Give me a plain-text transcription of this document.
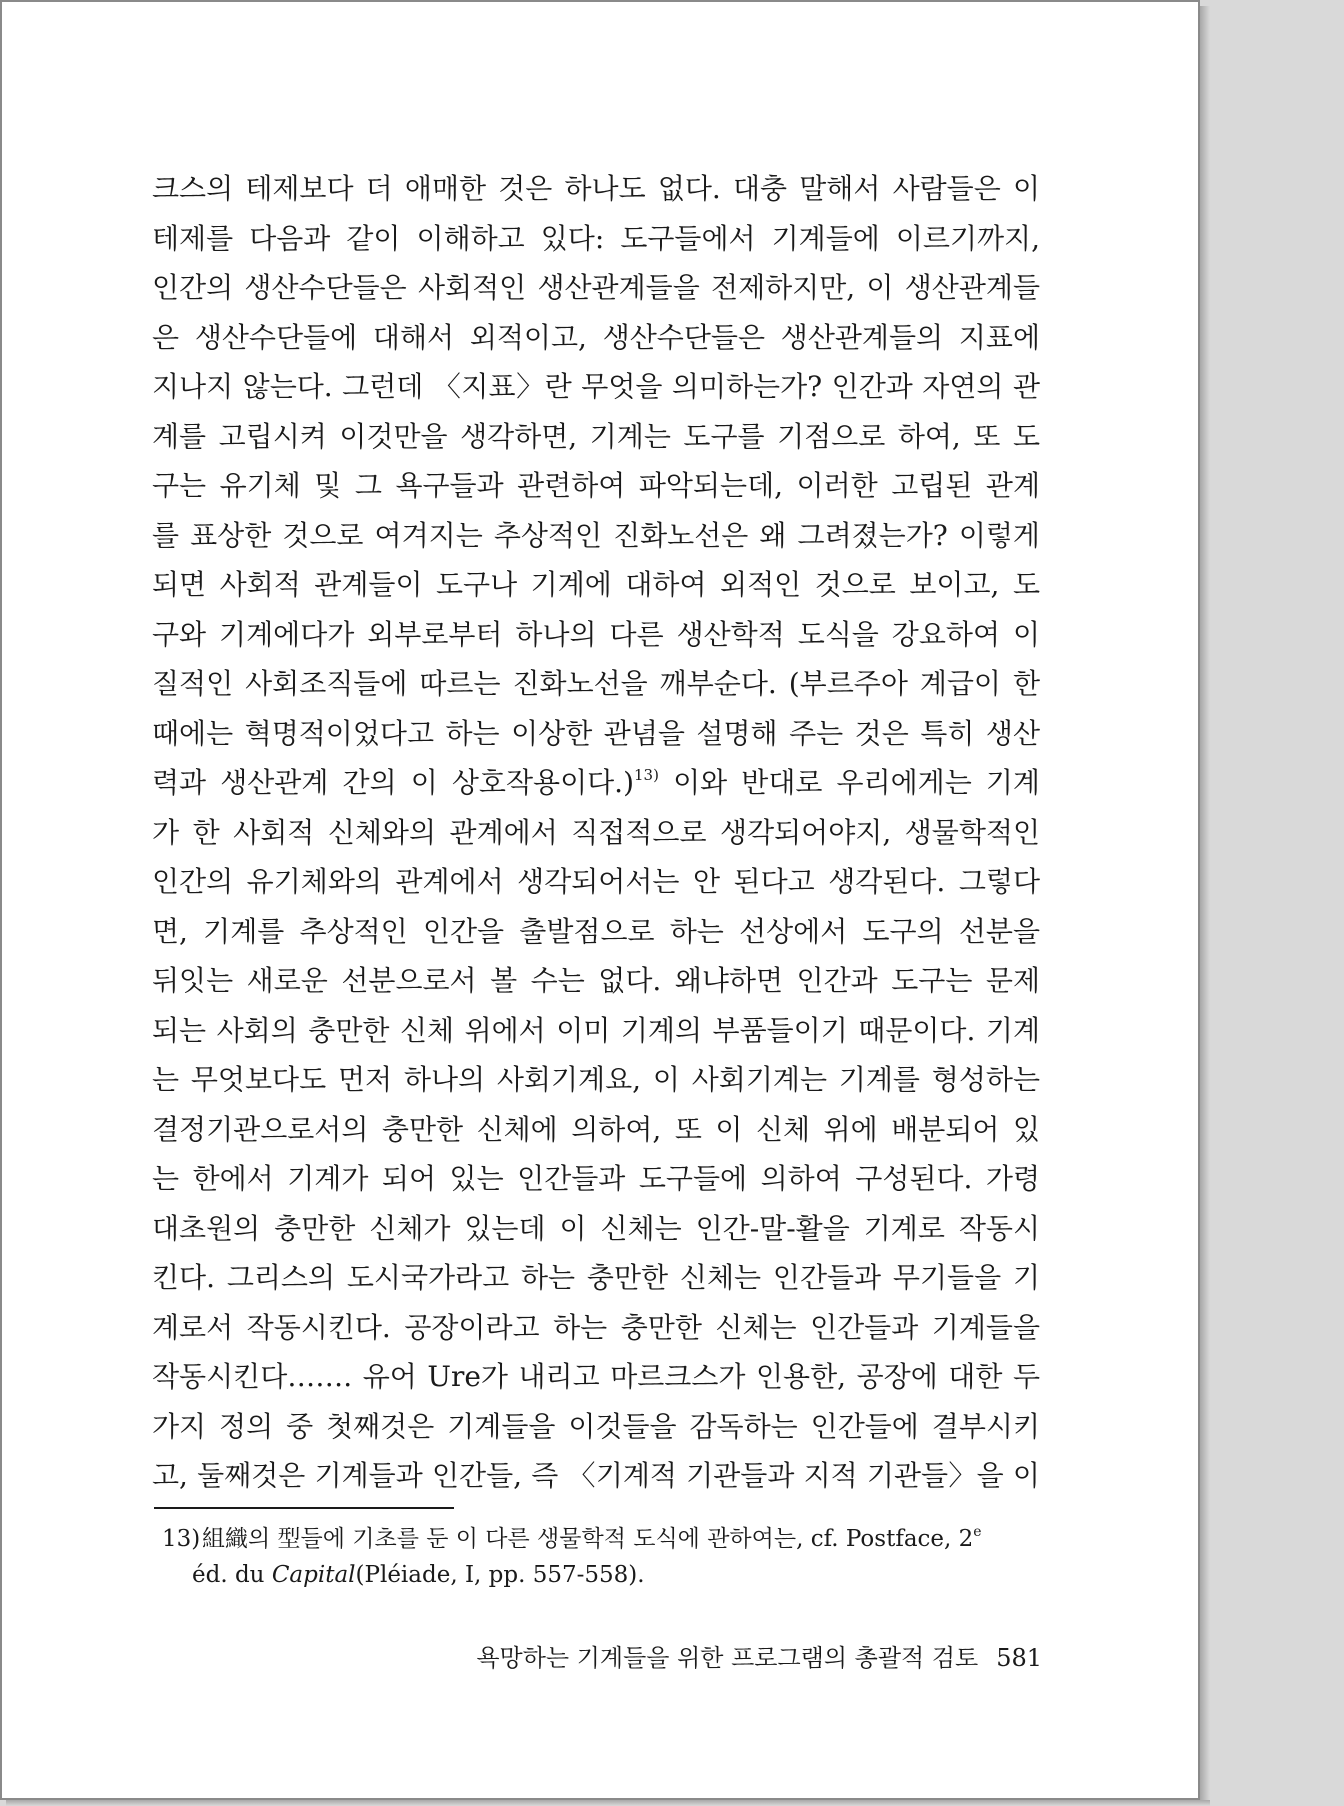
크스의 테제보다 더 애매한 것은 하나도 없다. 대충 말해서 사람들은 이
테제를 다음과 같이 이해하고 있다: 도구들에서 기계들에 이르기까지,
인간의 생산수단들은 사회적인 생산관계들을 전제하지만, 이 생산관계들
은 생산수단들에 대해서 외적이고, 생산수단들은 생산관계들의 지표에
지나지 않는다. 그런데 〈지표〉란 무엇을 의미하는가? 인간과 자연의 관
계를 고립시켜 이것만을 생각하면, 기계는 도구를 기점으로 하여, 또 도
구는 유기체 및 그 욕구들과 관련하여 파악되는데, 이러한 고립된 관계
를 표상한 것으로 여겨지는 추상적인 진화노선은 왜 그려졌는가? 이렇게
되면 사회적 관계들이 도구나 기계에 대하여 외적인 것으로 보이고, 도
구와 기계에다가 외부로부터 하나의 다른 생산학적 도식을 강요하여 이
질적인 사회조직들에 따르는 진화노선을 깨부순다. (부르주아 계급이 한
때에는 혁명적이었다고 하는 이상한 관념을 설명해 주는 것은 특히 생산
력과 생산관계 간의 이 상호작용이다.)$^{13)}$ 이와 반대로 우리에게는 기계
가 한 사회적 신체와의 관계에서 직접적으로 생각되어야지, 생물학적인
인간의 유기체와의 관계에서 생각되어서는 안 된다고 생각된다. 그렇다
면, 기계를 추상적인 인간을 출발점으로 하는 선상에서 도구의 선분을
뒤잇는 새로운 선분으로서 볼 수는 없다. 왜냐하면 인간과 도구는 문제
되는 사회의 충만한 신체 위에서 이미 기계의 부품들이기 때문이다. 기계
는 무엇보다도 먼저 하나의 사회기계요, 이 사회기계는 기계를 형성하는
결정기관으로서의 충만한 신체에 의하여, 또 이 신체 위에 배분되어 있
는 한에서 기계가 되어 있는 인간들과 도구들에 의하여 구성된다. 가령
대초원의 충만한 신체가 있는데 이 신체는 인간-말-활을 기계로 작동시
킨다. 그리스의 도시국가라고 하는 충만한 신체는 인간들과 무기들을 기
계로서 작동시킨다. 공장이라고 하는 충만한 신체는 인간들과 기계들을
작동시킨다……. 유어 Ure가 내리고 마르크스가 인용한, 공장에 대한 두
가지 정의 중 첫째것은 기계들을 이것들을 감독하는 인간들에 결부시키
고, 둘째것은 기계들과 인간들, 즉 〈기계적 기관들과 지적 기관들〉을 이
13)組織의 型들에 기초를 둔 이 다른 생물학적 도식에 관하여는, cf. Postface, 2e
éd. du Capital(Pléiade, I, pp. 557-558).
욕망하는 기계들을 위한 프로그램의 총괄적 검토 581
